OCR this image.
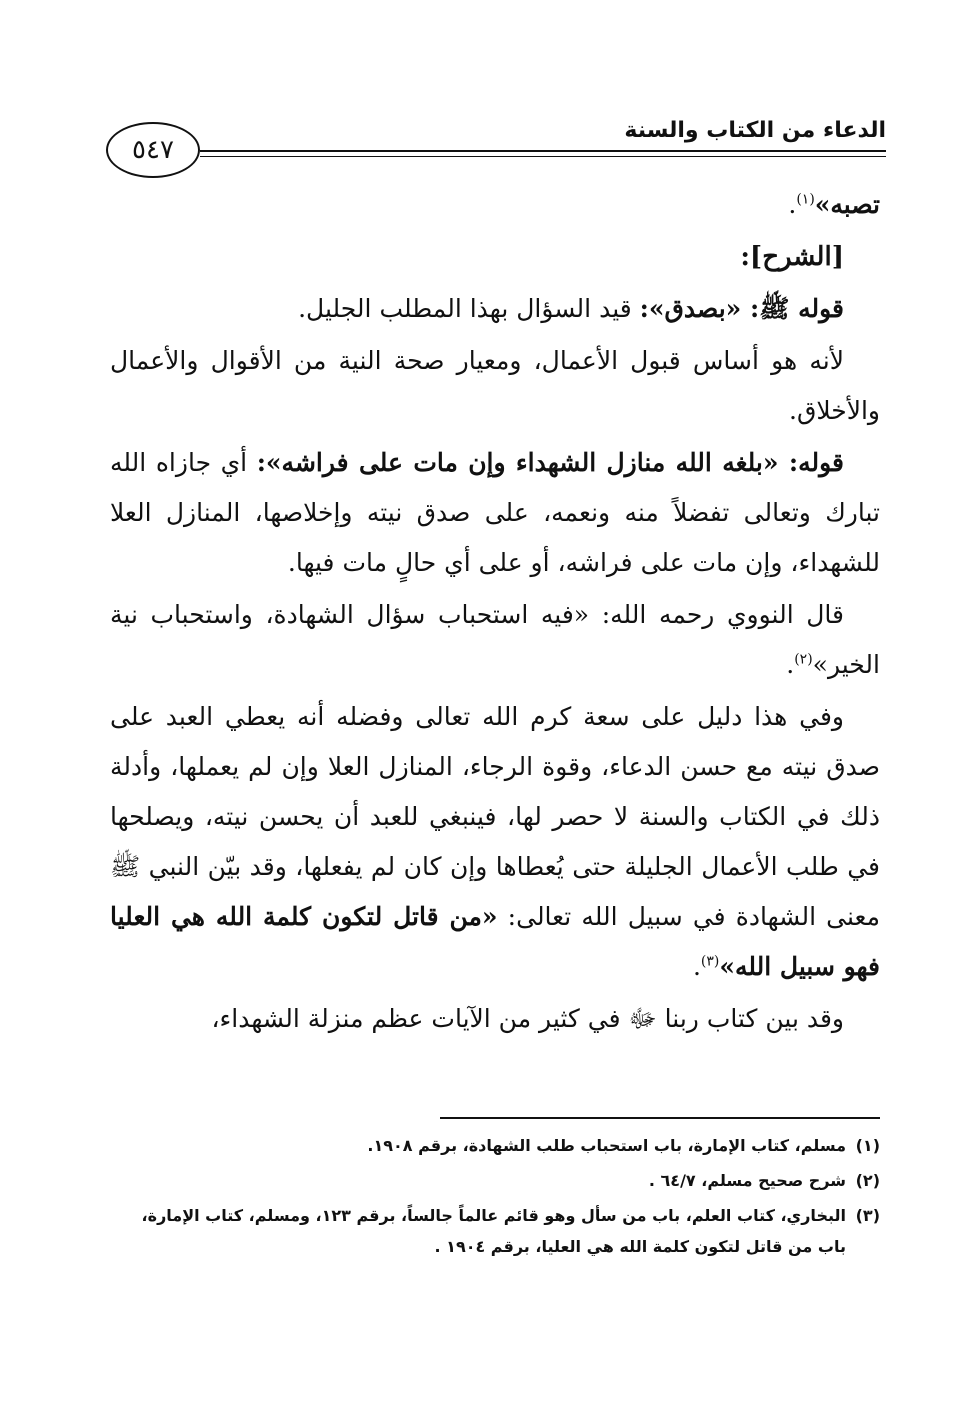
الدعاء من الكتاب والسنة
٥٤٧

تصبه»$^{(١)}$.

[الشرح]:

قوله ﷺ: «بصدق»: قيد السؤال بهذا المطلب الجليل.

لأنه هو أساس قبول الأعمال، ومعيار صحة النية من الأقوال والأعمال والأخلاق.

قوله: «بلغه الله منازل الشهداء وإن مات على فراشه»: أي جازاه الله تبارك وتعالى تفضلاً منه ونعمه، على صدق نيته وإخلاصها، المنازل العلا للشهداء، وإن مات على فراشه، أو على أي حالٍ مات فيها.

قال النووي رحمه الله: «فيه استحباب سؤال الشهادة، واستحباب نية الخير»$^{(٢)}$.

وفي هذا دليل على سعة كرم الله تعالى وفضله أنه يعطي العبد على صدق نيته مع حسن الدعاء، وقوة الرجاء، المنازل العلا وإن لم يعملها، وأدلة ذلك في الكتاب والسنة لا حصر لها، فينبغي للعبد أن يحسن نيته، ويصلحها في طلب الأعمال الجليلة حتى يُعطاها وإن كان لم يفعلها، وقد بيّن النبي ﷺ معنى الشهادة في سبيل الله تعالى: «من قاتل لتكون كلمة الله هي العليا فهو سبيل الله»$^{(٣)}$.

وقد بين كتاب ربنا ﷻ في كثير من الآيات عظم منزلة الشهداء،

(١)
مسلم، كتاب الإمارة، باب استحباب طلب الشهادة، برقم ١٩٠٨.
(٢)
شرح صحيح مسلم، ٦٤/٧ .
(٣)
البخاري، كتاب العلم، باب من سأل وهو قائم عالماً جالساً، برقم ١٢٣، ومسلم، كتاب الإمارة، باب من قاتل لتكون كلمة الله هي العليا، برقم ١٩٠٤ .
